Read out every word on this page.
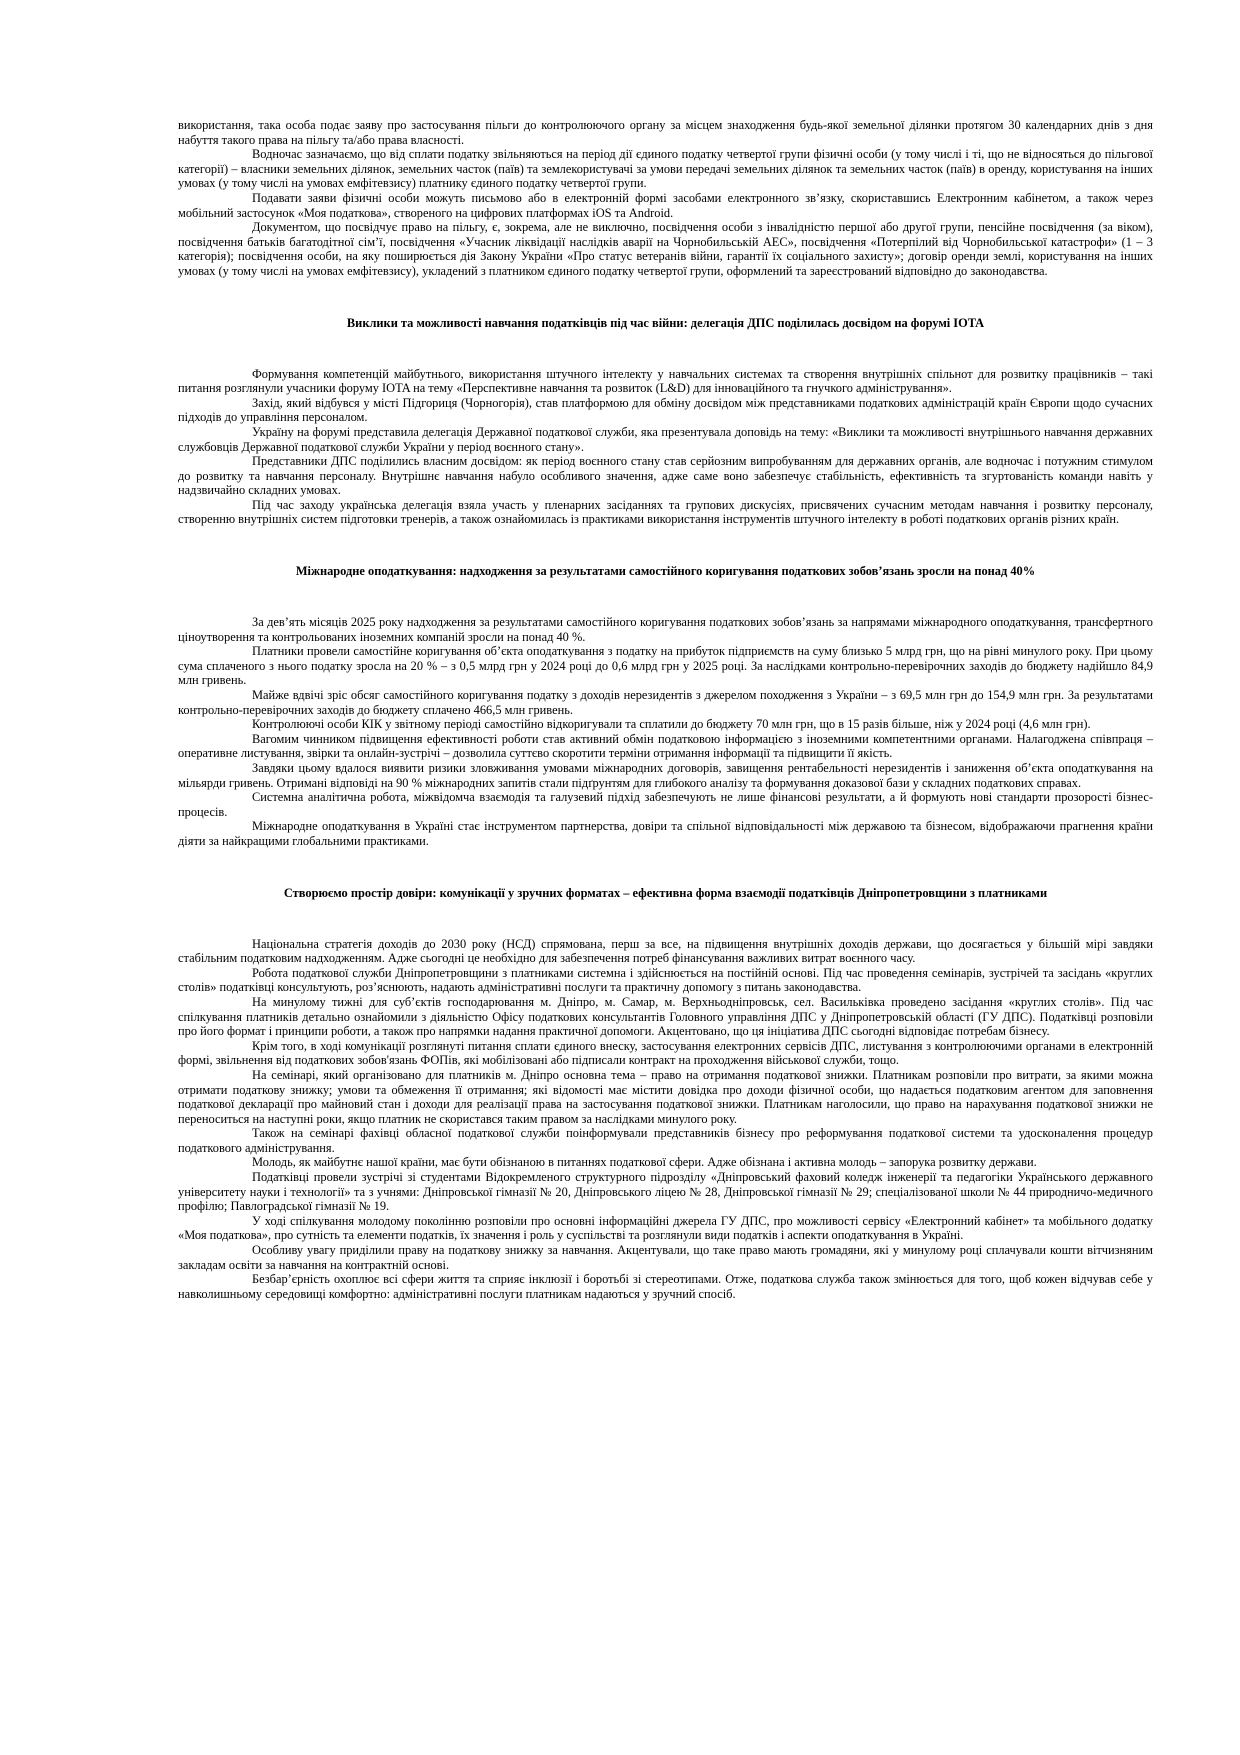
використання, така особа подає заяву про застосування пільги до контролюючого органу за місцем знаходження будь-якої земельної ділянки протягом 30 календарних днів з дня набуття такого права на пільгу та/або права власності.

Водночас зазначаємо, що від сплати податку звільняються на період дії єдиного податку четвертої групи фізичні особи (у тому числі і ті, що не відносяться до пільгової категорії) – власники земельних ділянок, земельних часток (паїв) та землекористувачі за умови передачі земельних ділянок та земельних часток (паїв) в оренду, користування на інших умовах (у тому числі на умовах емфітевзису) платнику єдиного податку четвертої групи.

Подавати заяви фізичні особи можуть письмово або в електронній формі засобами електронного зв’язку, скориставшись Електронним кабінетом, а також через мобільний застосунок «Моя податкова», створеного на цифрових платформах iOS та Android.

Документом, що посвідчує право на пільгу, є, зокрема, але не виключно, посвідчення особи з інвалідністю першої або другої групи, пенсійне посвідчення (за віком), посвідчення батьків багатодітної сім’ї, посвідчення «Учасник ліквідації наслідків аварії на Чорнобильській АЕС», посвідчення «Потерпілий від Чорнобильської катастрофи» (1 – 3 категорія); посвідчення особи, на яку поширюється дія Закону України «Про статус ветеранів війни, гарантії їх соціального захисту»; договір оренди землі, користування на інших умовах (у тому числі на умовах емфітевзису), укладений з платником єдиного податку четвертої групи, оформлений та зареєстрований відповідно до законодавства.

Виклики та можливості навчання податківців під час війни: делегація ДПС поділилась досвідом на форумі IOTA

Формування компетенцій майбутнього, використання штучного інтелекту у навчальних системах та створення внутрішніх спільнот для розвитку працівників – такі питання розглянули учасники форуму IOTA на тему «Перспективне навчання та розвиток (L&D) для інноваційного та гнучкого адміністрування».

Захід, який відбувся у місті Підгориця (Чорногорія), став платформою для обміну досвідом між представниками податкових адміністрацій країн Європи щодо сучасних підходів до управління персоналом.

Україну на форумі представила делегація Державної податкової служби, яка презентувала доповідь на тему: «Виклики та можливості внутрішнього навчання державних службовців Державної податкової служби України у період воєнного стану».

Представники ДПС поділились власним досвідом: як період воєнного стану став серйозним випробуванням для державних органів, але водночас і потужним стимулом до розвитку та навчання персоналу. Внутрішнє навчання набуло особливого значення, адже саме воно забезпечує стабільність, ефективність та згуртованість команди навіть у надзвичайно складних умовах.

Під час заходу українська делегація взяла участь у пленарних засіданнях та групових дискусіях, присвячених сучасним методам навчання і розвитку персоналу, створенню внутрішніх систем підготовки тренерів, а також ознайомилась із практиками використання інструментів штучного інтелекту в роботі податкових органів різних країн.

Міжнародне оподаткування: надходження за результатами самостійного коригування податкових зобов’язань зросли на понад 40%

За дев’ять місяців 2025 року надходження за результатами самостійного коригування податкових зобов’язань за напрямами міжнародного оподаткування, трансфертного ціноутворення та контрольованих іноземних компаній зросли на понад 40 %.

Платники провели самостійне коригування об’єкта оподаткування з податку на прибуток підприємств на суму близько 5 млрд грн, що на рівні минулого року. При цьому сума сплаченого з нього податку зросла на 20 % – з 0,5 млрд грн у 2024 році до 0,6 млрд грн у 2025 році. За наслідками контрольно-перевірочних заходів до бюджету надійшло 84,9 млн гривень.

Майже вдвічі зріс обсяг самостійного коригування податку з доходів нерезидентів з джерелом походження з України – з 69,5 млн грн до 154,9 млн грн. За результатами контрольно-перевірочних заходів до бюджету сплачено 466,5 млн гривень.

Контролюючі особи КІК у звітному періоді самостійно відкоригували та сплатили до бюджету 70 млн грн, що в 15 разів більше, ніж у 2024 році (4,6 млн грн).

Вагомим чинником підвищення ефективності роботи став активний обмін податковою інформацією з іноземними компетентними органами. Налагоджена співпраця – оперативне листування, звірки та онлайн-зустрічі – дозволила суттєво скоротити терміни отримання інформації та підвищити її якість.

Завдяки цьому вдалося виявити ризики зловживання умовами міжнародних договорів, завищення рентабельності нерезидентів і заниження об’єкта оподаткування на мільярди гривень. Отримані відповіді на 90 % міжнародних запитів стали підґрунтям для глибокого аналізу та формування доказової бази у складних податкових справах.

Системна аналітична робота, міжвідомча взаємодія та галузевий підхід забезпечують не лише фінансові результати, а й формують нові стандарти прозорості бізнес-процесів.

Міжнародне оподаткування в Україні стає інструментом партнерства, довіри та спільної відповідальності між державою та бізнесом, відображаючи прагнення країни діяти за найкращими глобальними практиками.

Створюємо простір довіри: комунікації у зручних форматах – ефективна форма взаємодії податківців Дніпропетровщини з платниками

Національна стратегія доходів до 2030 року (НСД) спрямована, перш за все, на підвищення внутрішніх доходів держави, що досягається у більшій мірі завдяки стабільним податковим надходженням. Адже сьогодні це необхідно для забезпечення потреб фінансування важливих витрат воєнного часу.

Робота податкової служби Дніпропетровщини з платниками системна і здійснюється на постійній основі. Під час проведення семінарів, зустрічей та засідань «круглих столів» податківці консультують, роз’яснюють, надають адміністративні послуги та практичну допомогу з питань законодавства.

На минулому тижні для суб’єктів господарювання м. Дніпро, м. Самар, м. Верхньодніпровськ, сел. Васильківка проведено засідання «круглих столів». Під час спілкування платників детально ознайомили з діяльністю Офісу податкових консультантів Головного управління ДПС у Дніпропетровській області (ГУ ДПС). Податківці розповіли про його формат і принципи роботи, а також про напрямки надання практичної допомоги. Акцентовано, що ця ініціатива ДПС сьогодні відповідає потребам бізнесу.

Крім того, в ході комунікації розглянуті питання сплати єдиного внеску, застосування електронних сервісів ДПС, листування з контролюючими органами в електронній формі, звільнення від податкових зобов'язань ФОПів, які мобілізовані або підписали контракт на проходження військової служби, тощо.

На семінарі, який організовано для платників м. Дніпро основна тема – право на отримання податкової знижки. Платникам розповіли про витрати, за якими можна отримати податкову знижку; умови та обмеження її отримання; які відомості має містити довідка про доходи фізичної особи, що надається податковим агентом для заповнення податкової декларації про майновий стан і доходи для реалізації права на застосування податкової знижки. Платникам наголосили, що право на нарахування податкової знижки не переноситься на наступні роки, якщо платник не скористався таким правом за наслідками минулого року.

Також на семінарі фахівці обласної податкової служби поінформували представників бізнесу про реформування податкової системи та удосконалення процедур податкового адміністрування.

Молодь, як майбутнє нашої країни, має бути обізнаною в питаннях податкової сфери. Адже обізнана і активна молодь – запорука розвитку держави.

Податківці провели зустрічі зі студентами Відокремленого структурного підрозділу «Дніпровський фаховий коледж інженерії та педагогіки Українського державного університету науки і технології» та з учнями: Дніпровської гімназії № 20, Дніпровського ліцею № 28, Дніпровської гімназії № 29; спеціалізованої школи № 44 природничо-медичного профілю; Павлоградської гімназії № 19.

У ході спілкування молодому поколінню розповіли про основні інформаційні джерела ГУ ДПС, про можливості сервісу «Електронний кабінет» та мобільного додатку «Моя податкова», про сутність та елементи податків, їх значення і роль у суспільстві та розглянули види податків і аспекти оподаткування в Україні.

Особливу увагу приділили праву на податкову знижку за навчання. Акцентували, що таке право мають громадяни, які у минулому році сплачували кошти вітчизняним закладам освіти за навчання на контрактній основі.

Безбар’єрність охоплює всі сфери життя та сприяє інклюзії і боротьбі зі стереотипами. Отже, податкова служба також змінюється для того, щоб кожен відчував себе у навколишньому середовищі комфортно: адміністративні послуги платникам надаються у зручний спосіб.
